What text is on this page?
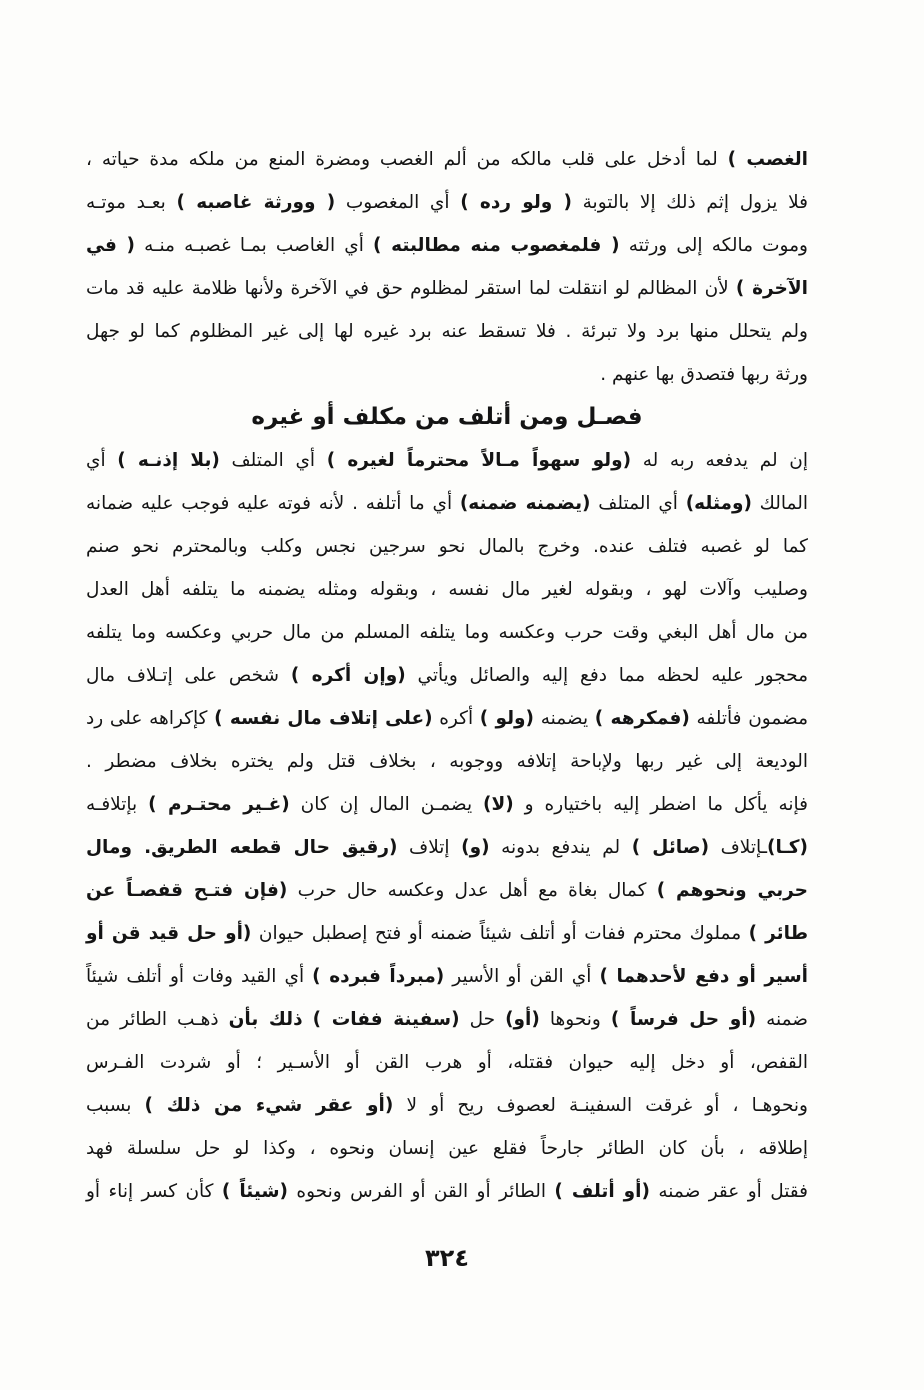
الغصب ) لما أدخل على قلب مالكه من ألم الغصب ومضرة المنع من ملكه مدة حياته ،
فلا يزول إثم ذلك إلا بالتوبة ( ولو رده ) أي المغصوب ( وورثة غاصبه ) بعـد موتـه
وموت مالكه إلى ورثته ( فلمغصوب منه مطالبته ) أي الغاصب بمـا غصبـه منـه ( في
الآخرة ) لأن المظالم لو انتقلت لما استقر لمظلوم حق في الآخرة ولأنها ظلامة عليه قد مات
ولم يتحلل منها برد ولا تبرئة . فلا تسقط عنه برد غيره لها إلى غير المظلوم كما لو جهل
ورثة ربها فتصدق بها عنهم .
فصـل ومن أتلف من مكلف أو غيره
إن لم يدفعه ربه له (ولو سهواً مـالاً محترماً لغيره ) أي المتلف (بلا إذنـه ) أي
المالك (ومثله) أي المتلف (يضمنه ضمنه) أي ما أتلفه . لأنه فوته عليه فوجب عليه ضمانه
كما لو غصبه فتلف عنده. وخرج بالمال نحو سرجين نجس وكلب وبالمحترم نحو صنم
وصليب وآلات لهو ، وبقوله لغير مال نفسه ، وبقوله ومثله يضمنه ما يتلفه أهل العدل
من مال أهل البغي وقت حرب وعكسه وما يتلفه المسلم من مال حربي وعكسه وما يتلفه
محجور عليه لحظه مما دفع إليه والصائل ويأتي (وإن أكره ) شخص على إتـلاف مال
مضمون فأتلفه (فمكرهه ) يضمنه (ولو ) أكره (على إتلاف مال نفسه ) كإكراهه على رد
الوديعة إلى غير ربها ولإباحة إتلافه ووجوبه ، بخلاف قتل ولم يختره بخلاف مضطر .
فإنه يأكل ما اضطر إليه باختياره و (لا) يضمـن المال إن كان (غـير محتـرم ) بإتلافـه
(كـا)ـإتلاف (صائل ) لم يندفع بدونه (و) إتلاف (رقيق حال قطعه الطريق. ومال
حربي ونحوهم ) كمال بغاة مع أهل عدل وعكسه حال حرب (فإن فتـح قفصـاً عن
طائر ) مملوك محترم ففات أو أتلف شيئاً ضمنه أو فتح إصطبل حيوان (أو حل قيد قن أو
أسير أو دفع لأحدهما ) أي القن أو الأسير (مبرداً فبرده ) أي القيد وفات أو أتلف شيئاً
ضمنه (أو حل فرساً ) ونحوها (أو) حل (سفينة ففات ) ذلك بأن ذهـب الطائر من
القفص، أو دخل إليه حيوان فقتله، أو هرب القن أو الأسـير ؛ أو شردت الفـرس
ونحوهـا ، أو غرقت السفينـة لعصوف ريح أو لا (أو عقر شيء من ذلك ) بسبب
إطلاقه ، بأن كان الطائر جارحاً فقلع عين إنسان ونحوه ، وكذا لو حل سلسلة فهد
فقتل أو عقر ضمنه (أو أتلف ) الطائر أو القن أو الفرس ونحوه (شيئاً ) كأن كسر إناء أو
٣٢٤
